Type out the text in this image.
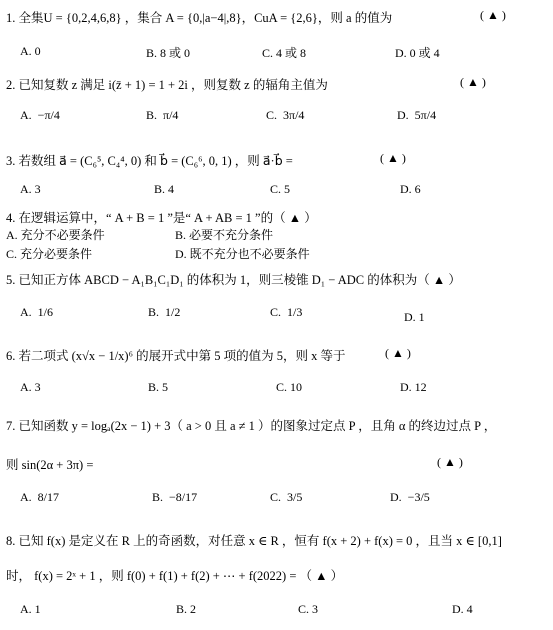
1. 全集U = {0,2,4,6,8} ，集合 A = {0,|a−4|,8}，CuA = {2,6}，则 a 的值为	( ▲ )
A. 0	B. 8 或 0	C. 4 或 8	D. 0 或 4
2. 已知复数 z 满足 i(z̄ + 1) = 1 + 2i ，则复数 z 的辐角主值为	( ▲ )
A. −π/4	B. π/4	C. 3π/4	D. 5π/4
3. 若数组 a⃗ = (C₆⁵, C₄⁴, 0) 和 b⃗ = (C₆⁶, 0, 1) ，则 a⃗·b⃗ =	( ▲ )
A. 3	B. 4	C. 5	D. 6
4. 在逻辑运算中，“ A + B = 1 ”是“ A + AB = 1 ”的（ ▲ ）
A. 充分不必要条件	B. 必要不充分条件
C. 充分必要条件	D. 既不充分也不必要条件
5. 已知正方体 ABCD − A₁B₁C₁D₁ 的体积为 1，则三棱锥 D₁ − ADC 的体积为（ ▲ ）
A. 1/6	B. 1/2	C. 1/3	D. 1
6. 若二项式 (x√x − 1/x)⁶ 的展开式中第 5 项的值为 5，则 x 等于	( ▲ )
A. 3	B. 5	C. 10	D. 12
7. 已知函数 y = logₐ(2x − 1) + 3（ a > 0 且 a ≠ 1 ）的图象过定点 P ，且角 α 的终边过点 P ，
则 sin(2α + 3π) =	( ▲ )
A. 8/17	B. −8/17	C. 3/5	D. −3/5
8. 已知 f(x) 是定义在 R 上的奇函数，对任意 x ∈ R ，恒有 f(x + 2) + f(x) = 0 ，且当 x ∈ [0,1]
时， f(x) = 2ˣ + 1 ，则 f(0) + f(1) + f(2) + ⋯ + f(2022) = （ ▲ ）
A. 1	B. 2	C. 3	D. 4
